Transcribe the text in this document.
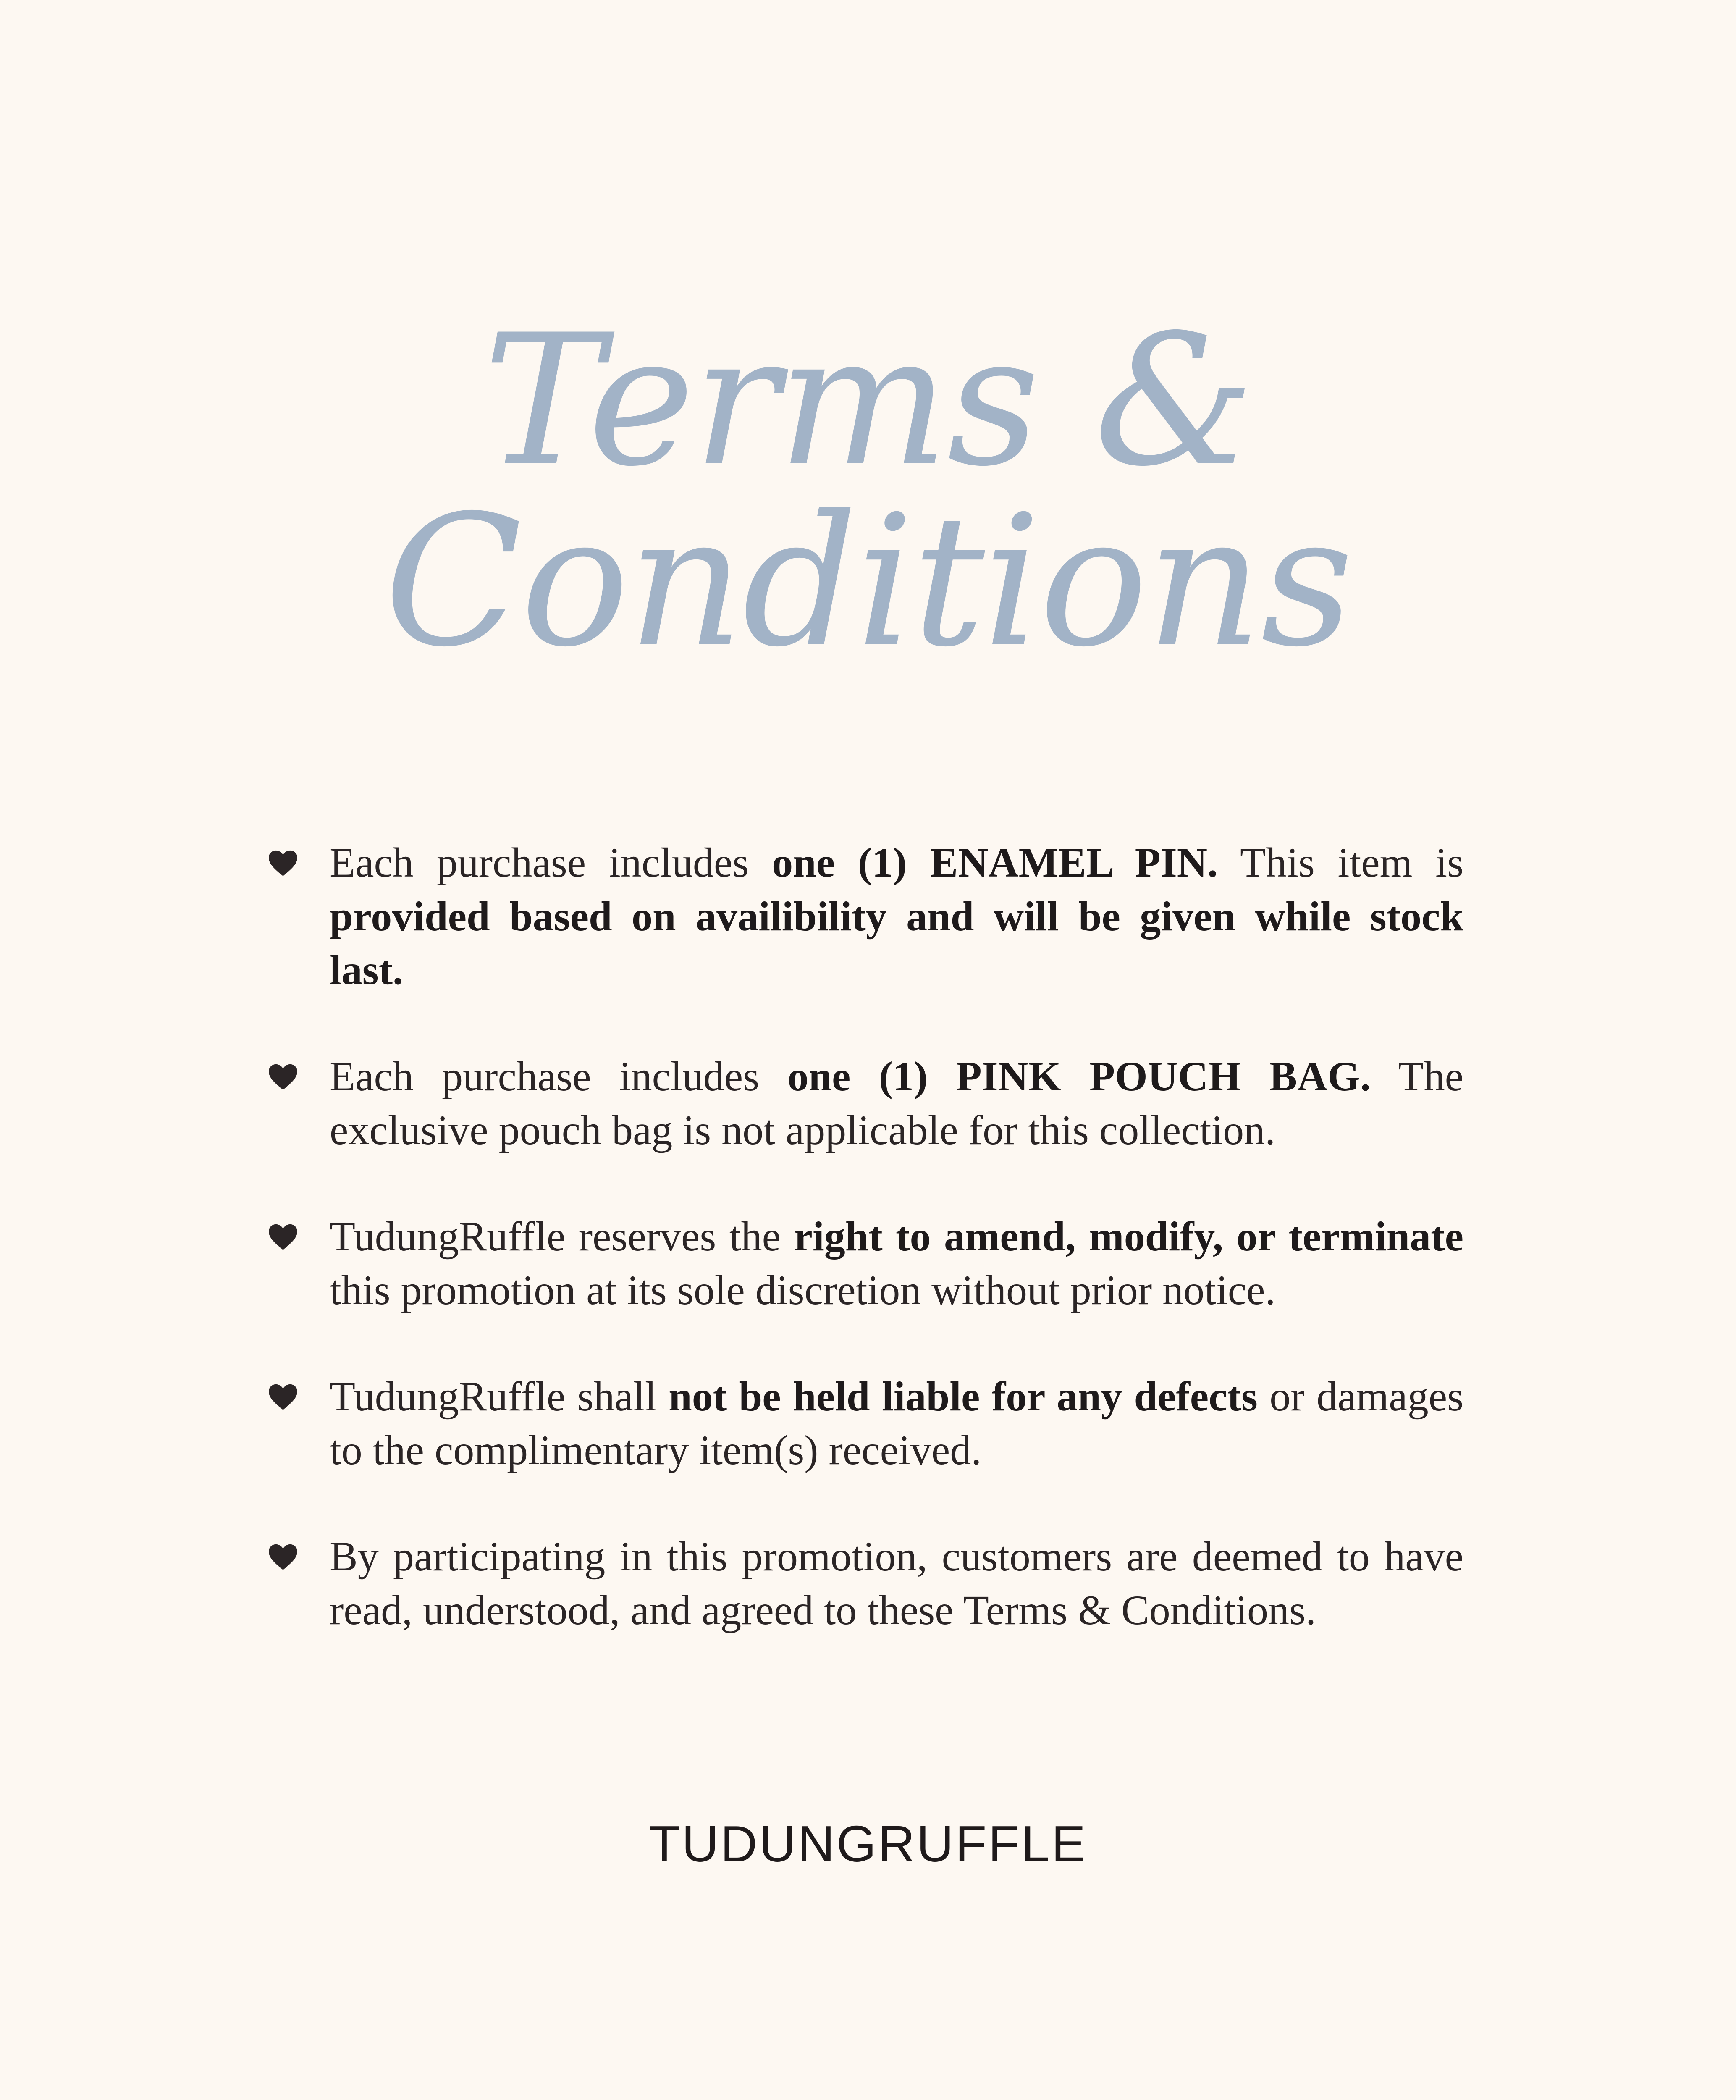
Terms &
Conditions
Each purchase includes one (1) ENAMEL PIN. This item is provided based on availibility and will be given while stock last.
Each purchase includes one (1) PINK POUCH BAG. The exclusive pouch bag is not applicable for this collection.
TudungRuffle reserves the right to amend, modify, or terminate this promotion at its sole discretion without prior notice.
TudungRuffle shall not be held liable for any defects or damages to the complimentary item(s) received.
By participating in this promotion, customers are deemed to have read, understood, and agreed to these Terms & Conditions.
TUDUNGRUFFLE
